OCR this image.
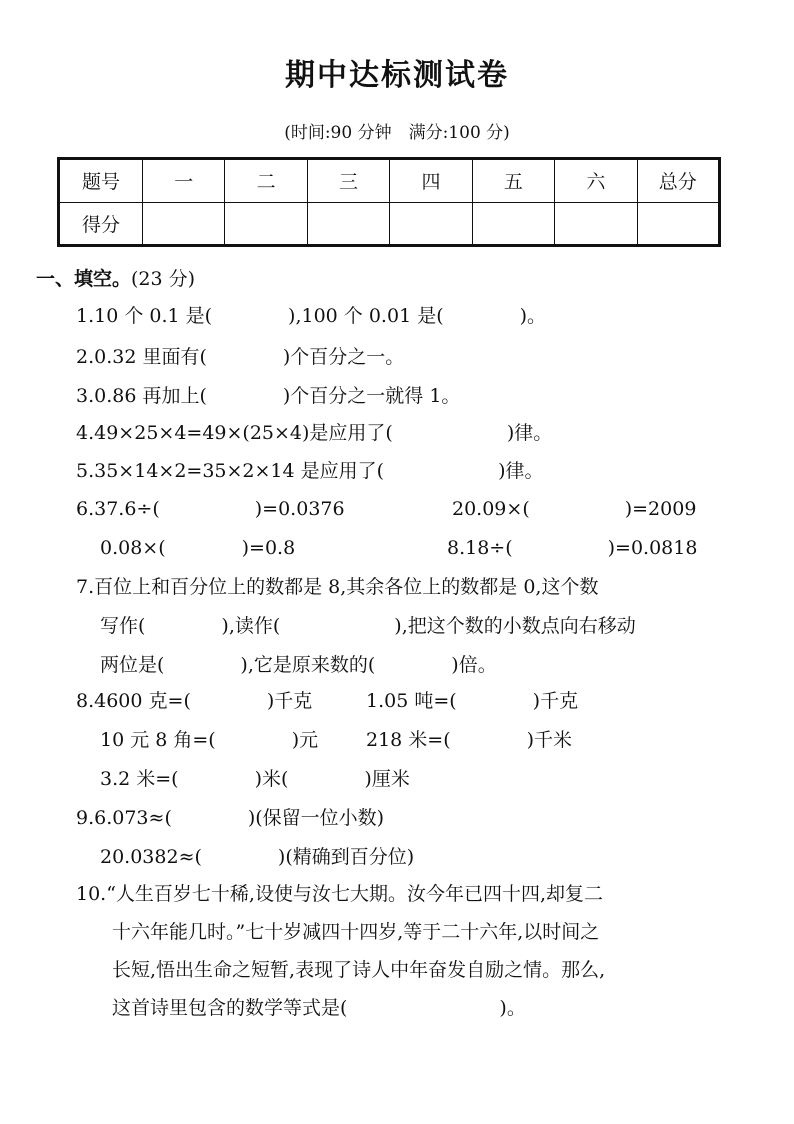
期中达标测试卷
(时间:90 分钟　满分:100 分)
题号	一	二	三	四	五	六	总分
得分							
一、填空。(23 分)
1.10 个 0.1 是(　　　　),100 个 0.01 是(　　　　)。
2.0.32 里面有(　　　　)个百分之一。
3.0.86 再加上(　　　　)个百分之一就得 1。
4.49×25×4=49×(25×4)是应用了(　　　　　　)律。
5.35×14×2=35×2×14 是应用了(　　　　　　)律。
6.37.6÷(　　　　　)=0.0376	20.09×(　　　　　)=2009
0.08×(　　　　)=0.8	8.18÷(　　　　　)=0.0818
7.百位上和百分位上的数都是 8,其余各位上的数都是 0,这个数
写作(　　　　),读作(　　　　　　),把这个数的小数点向右移动
两位是(　　　　),它是原来数的(　　　　)倍。
8.4600 克=(　　　　)千克	1.05 吨=(　　　　)千克
10 元 8 角=(　　　　)元	218 米=(　　　　)千米
3.2 米=(　　　　)米(　　　　)厘米
9.6.073≈(　　　　)(保留一位小数)
20.0382≈(　　　　)(精确到百分位)
10.“人生百岁七十稀,设使与汝七大期。汝今年已四十四,却复二
十六年能几时。”七十岁减四十四岁,等于二十六年,以时间之
长短,悟出生命之短暂,表现了诗人中年奋发自励之情。那么,
这首诗里包含的数学等式是(　　　　　　　　)。
